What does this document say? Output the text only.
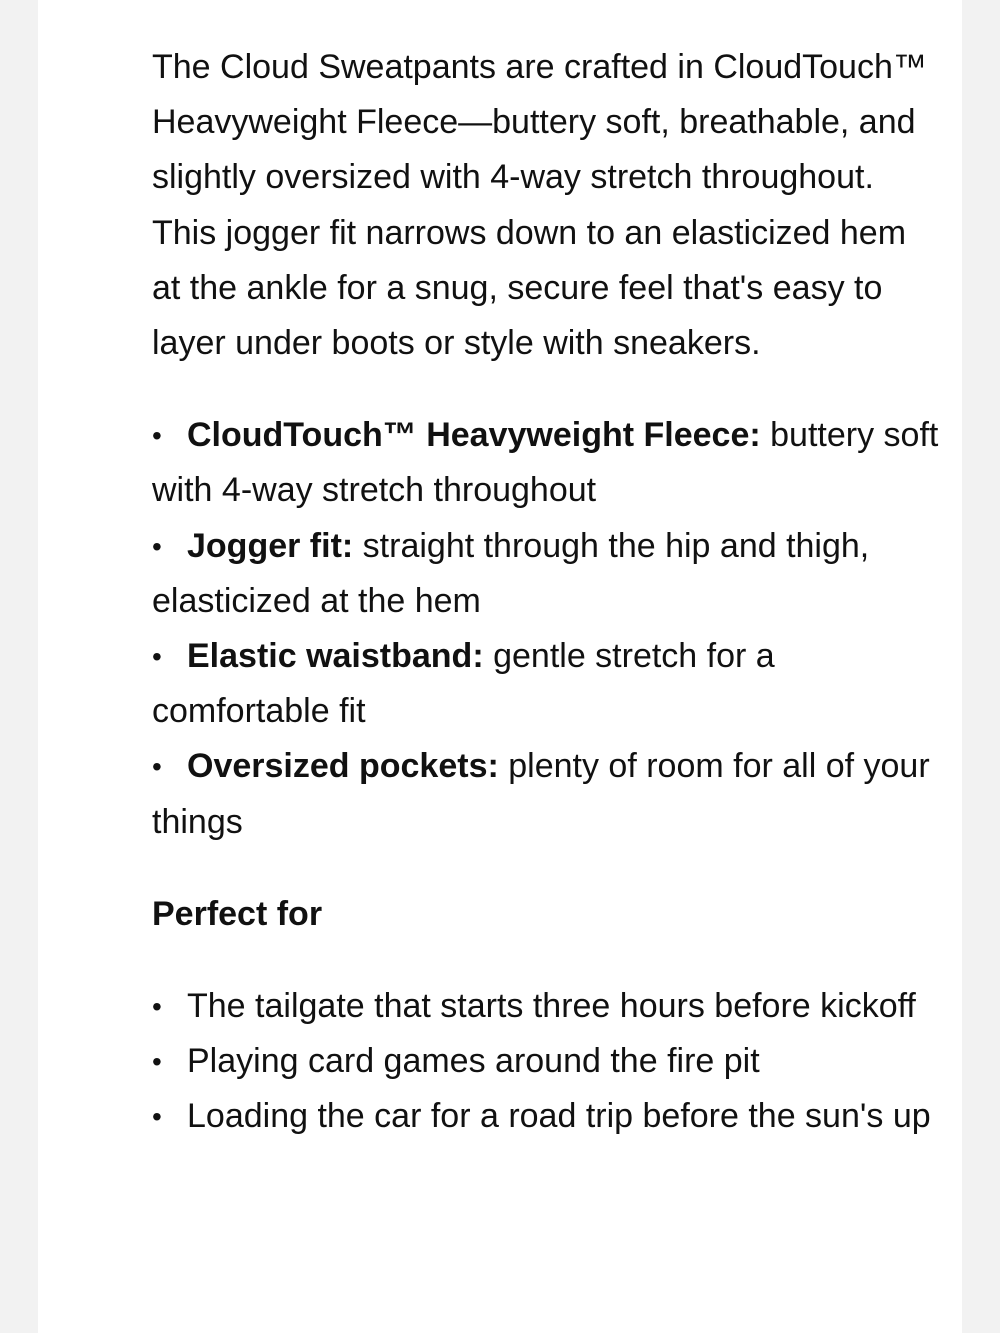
The Cloud Sweatpants are crafted in CloudTouch™ Heavyweight Fleece—buttery soft, breathable, and slightly oversized with 4-way stretch throughout. This jogger fit narrows down to an elasticized hem at the ankle for a snug, secure feel that's easy to layer under boots or style with sneakers.

• CloudTouch™ Heavyweight Fleece: buttery soft with 4-way stretch throughout

• Jogger fit: straight through the hip and thigh, elasticized at the hem

• Elastic waistband: gentle stretch for a comfortable fit

• Oversized pockets: plenty of room for all of your things

Perfect for

• The tailgate that starts three hours before kickoff

• Playing card games around the fire pit

• Loading the car for a road trip before the sun's up
